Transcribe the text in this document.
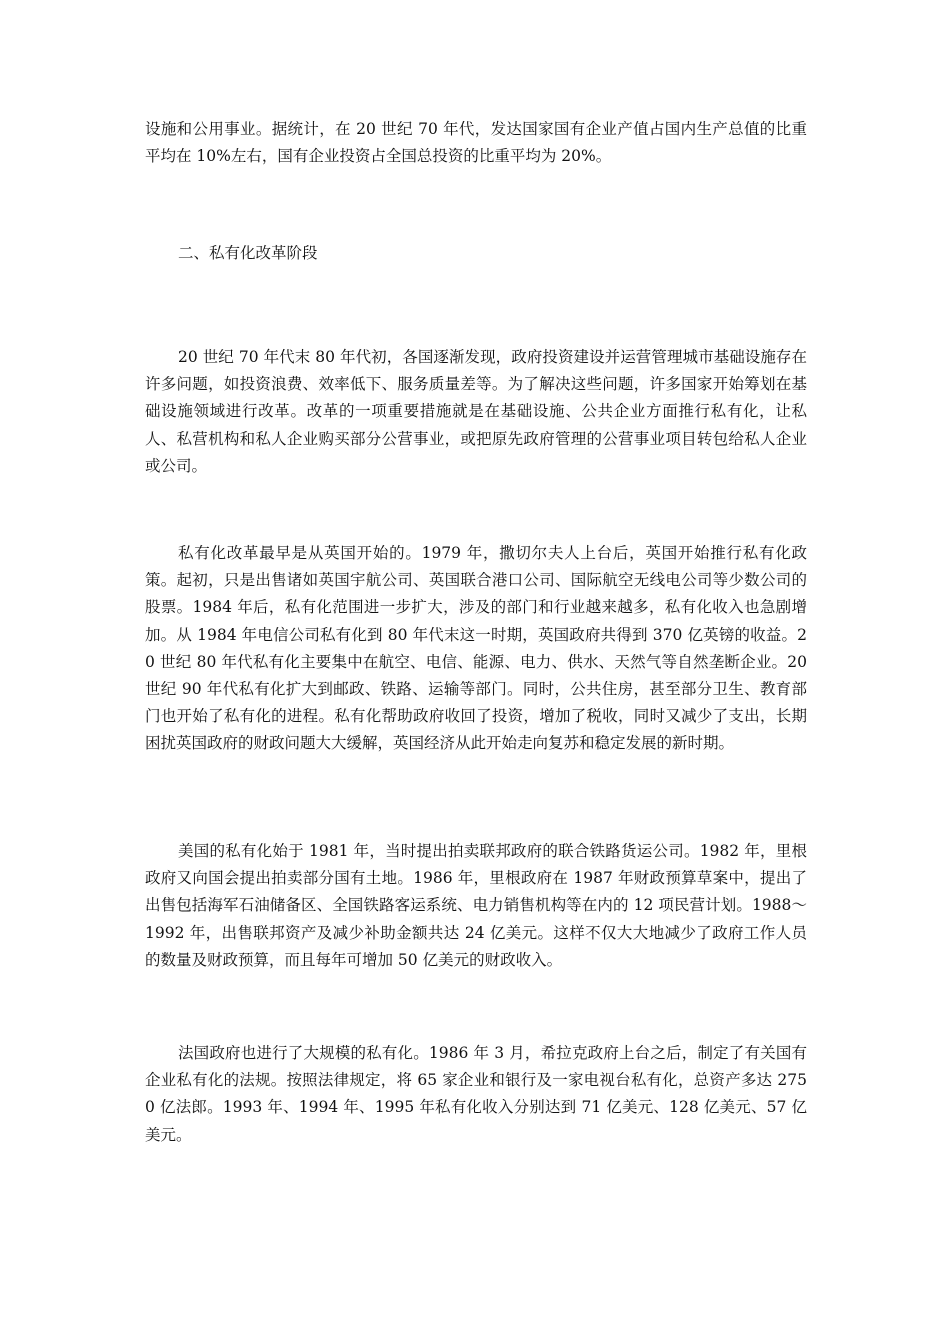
设施和公用事业。据统计，在 20 世纪 70 年代，发达国家国有企业产值占国内生产总值的比重平均在 10%左右，国有企业投资占全国总投资的比重平均为 20%。

二、私有化改革阶段

20 世纪 70 年代末 80 年代初，各国逐渐发现，政府投资建设并运营管理城市基础设施存在许多问题，如投资浪费、效率低下、服务质量差等。为了解决这些问题，许多国家开始筹划在基础设施领域进行改革。改革的一项重要措施就是在基础设施、公共企业方面推行私有化，让私人、私营机构和私人企业购买部分公营事业，或把原先政府管理的公营事业项目转包给私人企业或公司。

私有化改革最早是从英国开始的。1979 年，撒切尔夫人上台后，英国开始推行私有化政策。起初，只是出售诸如英国宇航公司、英国联合港口公司、国际航空无线电公司等少数公司的股票。1984 年后，私有化范围进一步扩大，涉及的部门和行业越来越多，私有化收入也急剧增加。从 1984 年电信公司私有化到 80 年代末这一时期，英国政府共得到 370 亿英镑的收益。20 世纪 80 年代私有化主要集中在航空、电信、能源、电力、供水、天然气等自然垄断企业。20 世纪 90 年代私有化扩大到邮政、铁路、运输等部门。同时，公共住房，甚至部分卫生、教育部门也开始了私有化的进程。私有化帮助政府收回了投资，增加了税收，同时又减少了支出，长期困扰英国政府的财政问题大大缓解，英国经济从此开始走向复苏和稳定发展的新时期。

美国的私有化始于 1981 年，当时提出拍卖联邦政府的联合铁路货运公司。1982 年，里根政府又向国会提出拍卖部分国有土地。1986 年，里根政府在 1987 年财政预算草案中，提出了出售包括海军石油储备区、全国铁路客运系统、电力销售机构等在内的 12 项民营计划。1988～1992 年，出售联邦资产及减少补助金额共达 24 亿美元。这样不仅大大地减少了政府工作人员的数量及财政预算，而且每年可增加 50 亿美元的财政收入。

法国政府也进行了大规模的私有化。1986 年 3 月，希拉克政府上台之后，制定了有关国有企业私有化的法规。按照法律规定，将 65 家企业和银行及一家电视台私有化，总资产多达 2750 亿法郎。1993 年、1994 年、1995 年私有化收入分别达到 71 亿美元、128 亿美元、57 亿美元。
